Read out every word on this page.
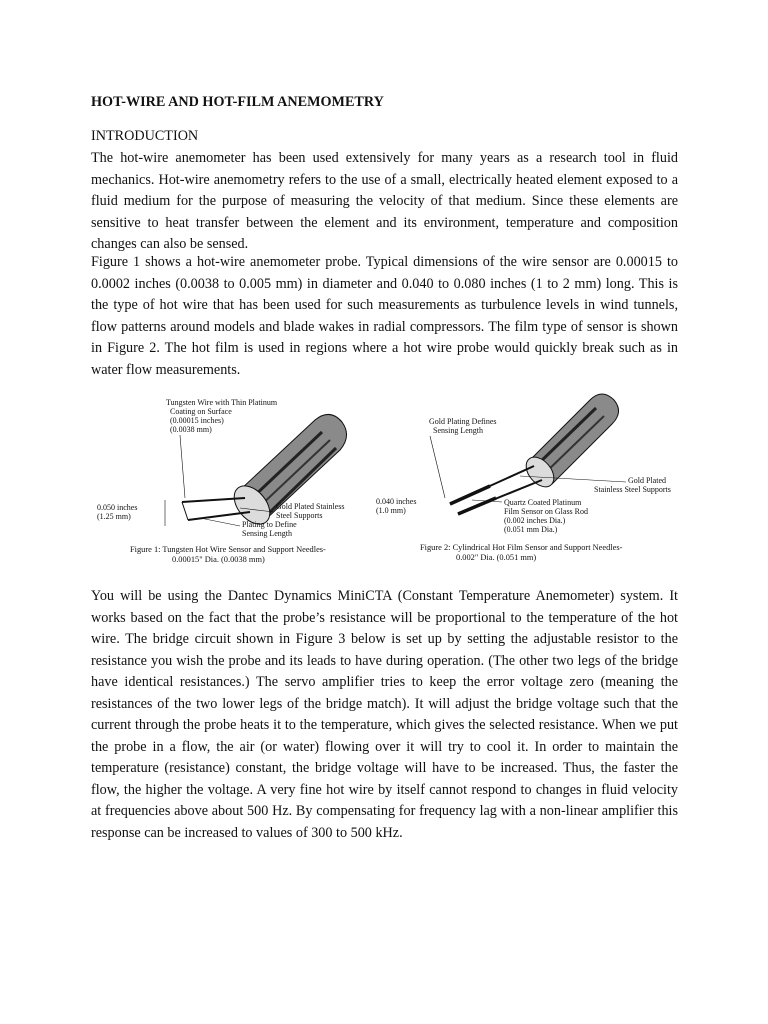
HOT-WIRE AND HOT-FILM ANEMOMETRY
INTRODUCTION

The hot-wire anemometer has been used extensively for many years as a research tool in fluid mechanics. Hot-wire anemometry refers to the use of a small, electrically heated element exposed to a fluid medium for the purpose of measuring the velocity of that medium. Since these elements are sensitive to heat transfer between the element and its environment, temperature and composition changes can also be sensed.

Figure 1 shows a hot-wire anemometer probe. Typical dimensions of the wire sensor are 0.00015 to 0.0002 inches (0.0038 to 0.005 mm) in diameter and 0.040 to 0.080 inches (1 to 2 mm) long. This is the type of hot wire that has been used for such measurements as turbulence levels in wind tunnels, flow patterns around models and blade wakes in radial compressors. The film type of sensor is shown in Figure 2. The hot film is used in regions where a hot wire probe would quickly break such as in water flow measurements.

Tungsten Wire with Thin Platinum
Coating on Surface
(0.00015 inches)
(0.0038 mm)
0.050 inches
(1.25 mm)
Gold Plated Stainless
Steel Supports
Plating to Define
Sensing Length
Figure 1: Tungsten Hot Wire Sensor and Support Needles-
0.00015" Dia. (0.0038 mm)
Gold Plating Defines
Sensing Length
Gold Plated
Stainless Steel Supports
0.040 inches
(1.0 mm)
Quartz Coated Platinum
Film Sensor on Glass Rod
(0.002 inches Dia.)
(0.051 mm Dia.)
Figure 2: Cylindrical Hot Film Sensor and Support Needles-
0.002" Dia. (0.051 mm)

You will be using the Dantec Dynamics MiniCTA (Constant Temperature Anemometer) system. It works based on the fact that the probe’s resistance will be proportional to the temperature of the hot wire. The bridge circuit shown in Figure 3 below is set up by setting the adjustable resistor to the resistance you wish the probe and its leads to have during operation. (The other two legs of the bridge have identical resistances.) The servo amplifier tries to keep the error voltage zero (meaning the resistances of the two lower legs of the bridge match). It will adjust the bridge voltage such that the current through the probe heats it to the temperature, which gives the selected resistance. When we put the probe in a flow, the air (or water) flowing over it will try to cool it. In order to maintain the temperature (resistance) constant, the bridge voltage will have to be increased. Thus, the faster the flow, the higher the voltage. A very fine hot wire by itself cannot respond to changes in fluid velocity at frequencies above about 500 Hz. By compensating for frequency lag with a non-linear amplifier this response can be increased to values of 300 to 500 kHz.
